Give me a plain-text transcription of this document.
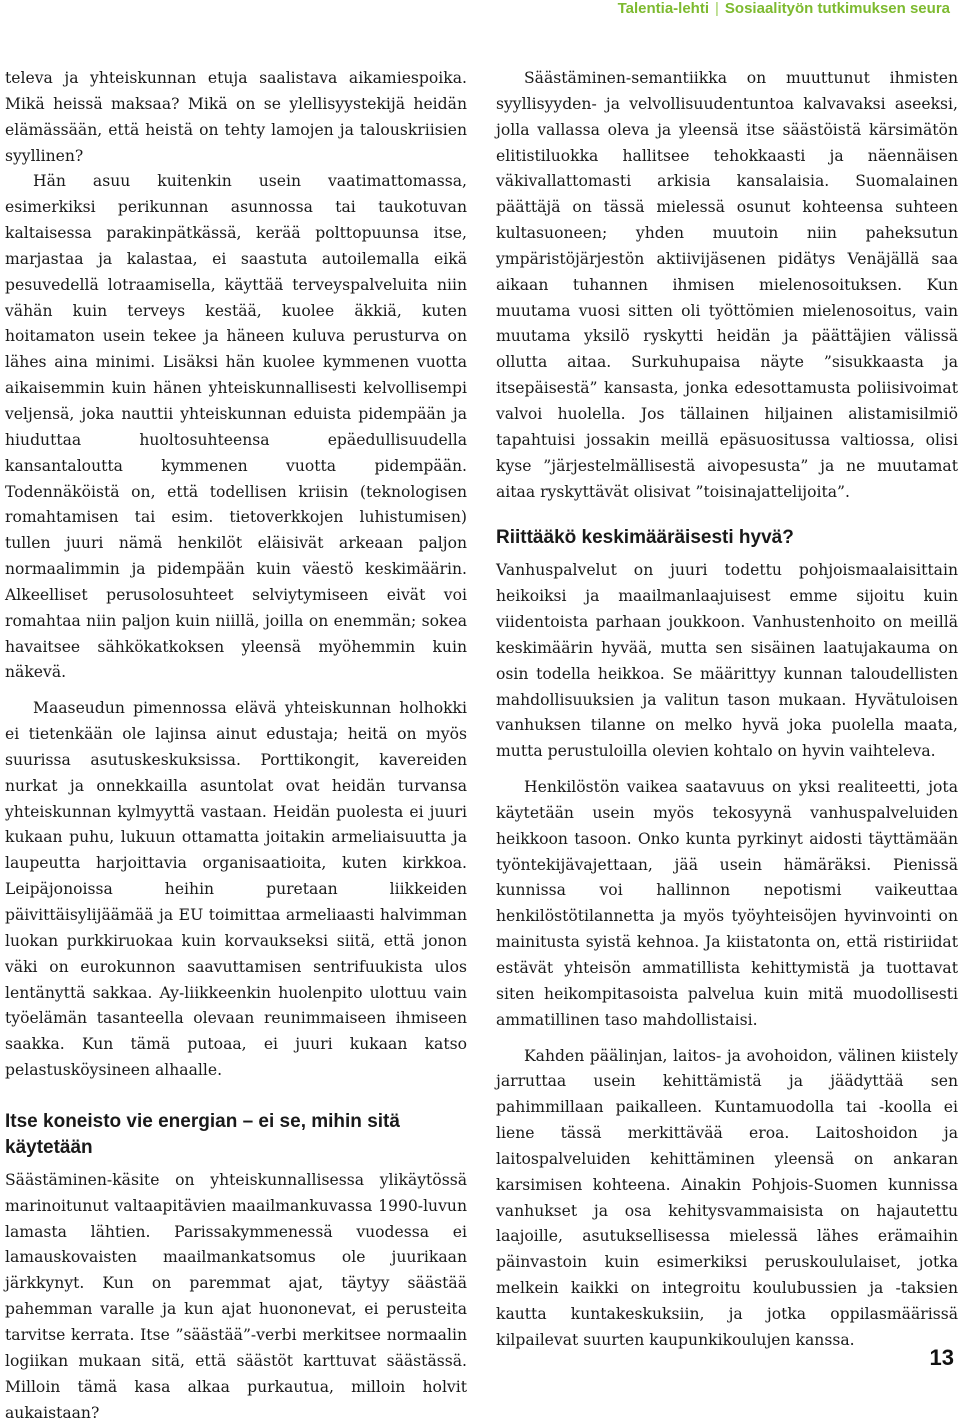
Talentia-lehti | Sosiaalityön tutkimuksen seura

televa ja yhteiskunnan etuja saalistava aikamiespoika. Mikä heissä maksaa? Mikä on se ylellisyystekijä heidän elämässään, että heistä on tehty lamojen ja talouskriisien syyllinen?

Hän asuu kuitenkin usein vaatimattomassa, esimerkiksi perikunnan asunnossa tai taukotuvan kaltaisessa parakinpätkässä, kerää polttopuunsa itse, marjastaa ja kalastaa, ei saastuta autoilemalla eikä pesuvedellä lotraamisella, käyttää terveyspalveluita niin vähän kuin terveys kestää, kuolee äkkiä, kuten hoitamaton usein tekee ja häneen kuluva perusturva on lähes aina minimi. Lisäksi hän kuolee kymmenen vuotta aikaisemmin kuin hänen yhteiskunnallisesti kelvollisempi veljensä, joka nauttii yhteiskunnan eduista pidempään ja hiuduttaa huoltosuhteensa epäedullisuudella kansantaloutta kymmenen vuotta pidempään. Todennäköistä on, että todellisen kriisin (teknologisen romahtamisen tai esim. tietoverkkojen luhistumisen) tullen juuri nämä henkilöt eläisivät arkeaan paljon normaalimmin ja pidempään kuin väestö keskimäärin. Alkeelliset perusolosuhteet selviytymiseen eivät voi romahtaa niin paljon kuin niillä, joilla on enemmän; sokea havaitsee sähkökatkoksen yleensä myöhemmin kuin näkevä.

Maaseudun pimennossa elävä yhteiskunnan holhokki ei tietenkään ole lajinsa ainut edustaja; heitä on myös suurissa asutuskeskuksissa. Porttikongit, kavereiden nurkat ja onnekkailla asuntolat ovat heidän turvansa yhteiskunnan kylmyyttä vastaan. Heidän puolesta ei juuri kukaan puhu, lukuun ottamatta joitakin armeliaisuutta ja laupeutta harjoittavia organisaatioita, kuten kirkkoa. Leipäjonoissa heihin puretaan liikkeiden päivittäisylijäämää ja EU toimittaa armeliaasti halvimman luokan purkkiruokaa kuin korvaukseksi siitä, että jonon väki on eurokunnon saavuttamisen sentrifuukista ulos lentänyttä sakkaa. Ay-liikkeenkin huolenpito ulottuu vain työelämän tasanteella olevaan reunimmaiseen ihmiseen saakka. Kun tämä putoaa, ei juuri kukaan katso pelastusköysineen alhaalle.

Itse koneisto vie energian – ei se, mihin sitä käytetään

Säästäminen-käsite on yhteiskunnallisessa ylikäytössä marinoitunut valtaapitävien maailmankuvassa 1990-luvun lamasta lähtien. Parissakymmenessä vuodessa ei lamauskovaisten maailmankatsomus ole juurikaan järkkynyt. Kun on paremmat ajat, täytyy säästää pahemman varalle ja kun ajat huononevat, ei perusteita tarvitse kerrata. Itse ”säästää”-verbi merkitsee normaalin logiikan mukaan sitä, että säästöt karttuvat säästässä. Milloin tämä kasa alkaa purkautua, milloin holvit aukaistaan?

Säästäminen-semantiikka on muuttunut ihmisten syyllisyyden- ja velvollisuudentuntoa kalvavaksi aseeksi, jolla vallassa oleva ja yleensä itse säästöistä kärsimätön elitistiluokka hallitsee tehokkaasti ja näennäisen väkivallattomasti arkisia kansalaisia. Suomalainen päättäjä on tässä mielessä osunut kohteensa suhteen kultasuoneen; yhden muutoin niin paheksutun ympäristöjärjestön aktiivijäsenen pidätys Venäjällä saa aikaan tuhannen ihmisen mielenosoituksen. Kun muutama vuosi sitten oli työttömien mielenosoitus, vain muutama yksilö ryskytti heidän ja päättäjien välissä ollutta aitaa. Surkuhupaisa näyte ”sisukkaasta ja itsepäisestä” kansasta, jonka edesottamusta poliisivoimat valvoi huolella. Jos tällainen hiljainen alistamisilmiö tapahtuisi jossakin meillä epäsuositussa valtiossa, olisi kyse ”järjestelmällisestä aivopesusta” ja ne muutamat aitaa ryskyttävät olisivat ”toisinajattelijoita”.

Riittääkö keskimääräisesti hyvä?

Vanhuspalvelut on juuri todettu pohjoismaalaisittain heikoiksi ja maailmanlaajuisest emme sijoitu kuin viidentoista parhaan joukkoon. Vanhustenhoito on meillä keskimäärin hyvää, mutta sen sisäinen laatujakauma on osin todella heikkoa. Se määrittyy kunnan taloudellisten mahdollisuuksien ja valitun tason mukaan. Hyvätuloisen vanhuksen tilanne on melko hyvä joka puolella maata, mutta perustuloilla olevien kohtalo on hyvin vaihteleva.

Henkilöstön vaikea saatavuus on yksi realiteetti, jota käytetään usein myös tekosyynä vanhuspalveluiden heikkoon tasoon. Onko kunta pyrkinyt aidosti täyttämään työntekijävajettaan, jää usein hämäräksi. Pienissä kunnissa voi hallinnon nepotismi vaikeuttaa henkilöstötilannetta ja myös työyhteisöjen hyvinvointi on mainitusta syistä kehnoa. Ja kiistatonta on, että ristiriidat estävät yhteisön ammatillista kehittymistä ja tuottavat siten heikompitasoista palvelua kuin mitä muodollisesti ammatillinen taso mahdollistaisi.

Kahden päälinjan, laitos- ja avohoidon, välinen kiistely jarruttaa usein kehittämistä ja jäädyttää sen pahimmillaan paikalleen. Kuntamuodolla tai -koolla ei liene tässä merkittävää eroa. Laitoshoidon ja laitospalveluiden kehittäminen yleensä on ankaran karsimisen kohteena. Ainakin Pohjois-Suomen kunnissa vanhukset ja osa kehitysvammaisista on hajautettu laajoille, asutuksellisessa mielessä lähes erämaihin päinvastoin kuin esimerkiksi peruskoululaiset, jotka melkein kaikki on integroitu koulubussien ja -taksien kautta kuntakeskuksiin, ja jotka oppilasmäärissä kilpailevat suurten kaupunkikoulujen kanssa.

13
